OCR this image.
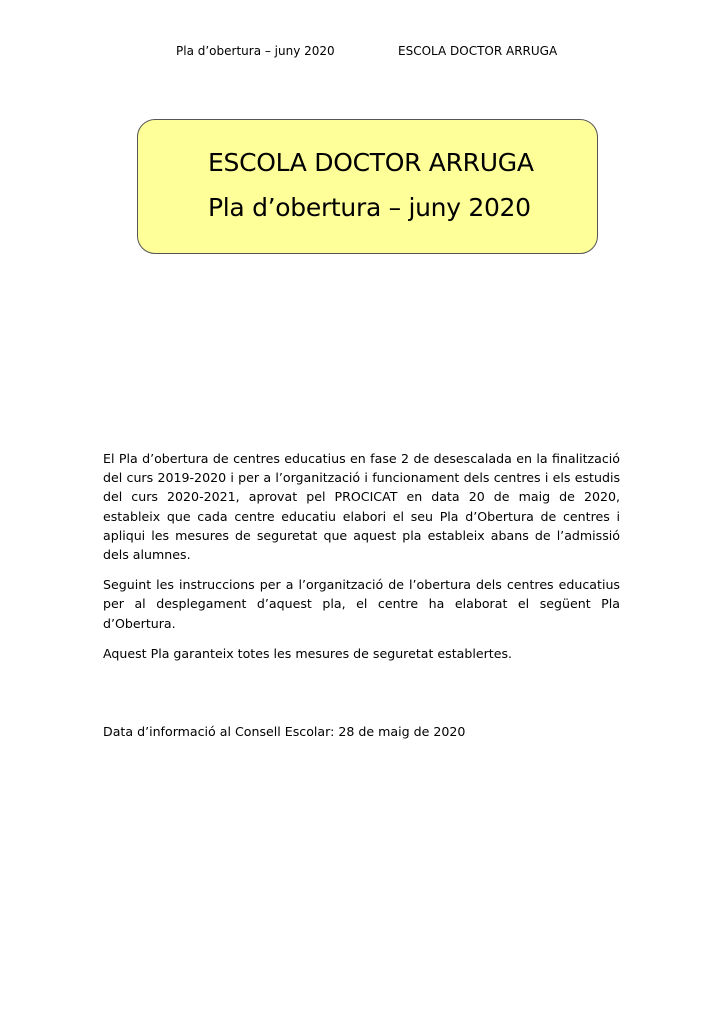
Pla d’obertura – juny 2020	ESCOLA DOCTOR ARRUGA
ESCOLA DOCTOR ARRUGA
Pla d’obertura – juny 2020

El Pla d’obertura de centres educatius en fase 2 de desescalada en la finalització del curs 2019-2020 i per a l’organització i funcionament dels centres i els estudis del curs 2020-2021, aprovat pel PROCICAT en data 20 de maig de 2020, estableix que cada centre educatiu elabori el seu Pla d’Obertura de centres i apliqui les mesures de seguretat que aquest pla estableix abans de l’admissió dels alumnes.

Seguint les instruccions per a l’organització de l’obertura dels centres educatius per al desplegament d’aquest pla, el centre ha elaborat el següent Pla d’Obertura.

Aquest Pla garanteix totes les mesures de seguretat establertes.

Data d’informació al Consell Escolar: 28 de maig de 2020
